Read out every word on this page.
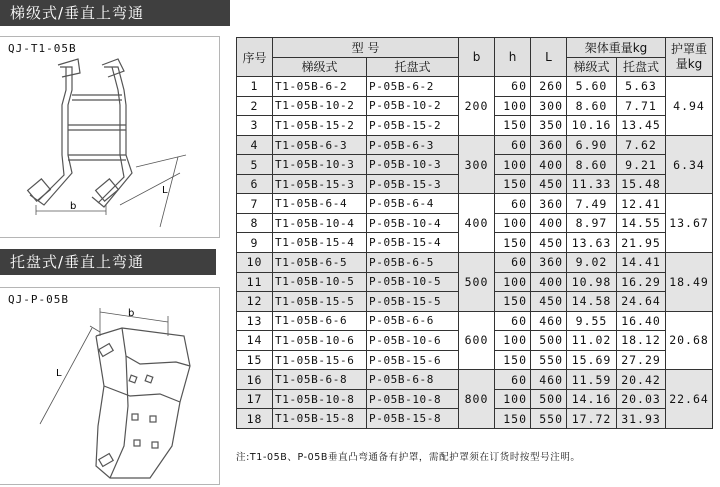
梯级式/垂直上弯通
QJ-T1-05B
b
L
托盘式/垂直上弯通
QJ-P-05B
b
L
序号	型 号		b	h	L	架体重量kg		护罩重量kg
	梯级式	托盘式				梯级式	托盘式	
1	T1-05B-6-2	P-05B-6-2	200	60	260	5.60	5.63	4.94
2	T1-05B-10-2	P-05B-10-2		100	300	8.60	7.71	
3	T1-05B-15-2	P-05B-15-2		150	350	10.16	13.45	
4	T1-05B-6-3	P-05B-6-3	300	60	360	6.90	7.62	6.34
5	T1-05B-10-3	P-05B-10-3		100	400	8.60	9.21	
6	T1-05B-15-3	P-05B-15-3		150	450	11.33	15.48	
7	T1-05B-6-4	P-05B-6-4	400	60	360	7.49	12.41	13.67
8	T1-05B-10-4	P-05B-10-4		100	400	8.97	14.55	
9	T1-05B-15-4	P-05B-15-4		150	450	13.63	21.95	
10	T1-05B-6-5	P-05B-6-5	500	60	360	9.02	14.41	18.49
11	T1-05B-10-5	P-05B-10-5		100	400	10.98	16.29	
12	T1-05B-15-5	P-05B-15-5		150	450	14.58	24.64	
13	T1-05B-6-6	P-05B-6-6	600	60	460	9.55	16.40	20.68
14	T1-05B-10-6	P-05B-10-6		100	500	11.02	18.12	
15	T1-05B-15-6	P-05B-15-6		150	550	15.69	27.29	
16	T1-05B-6-8	P-05B-6-8	800	60	460	11.59	20.42	22.64
17	T1-05B-10-8	P-05B-10-8		100	500	14.16	20.03	
18	T1-05B-15-8	P-05B-15-8		150	550	17.72	31.93	
注:T1-05B、P-05B垂直凸弯通备有护罩，需配护罩须在订货时按型号注明。
